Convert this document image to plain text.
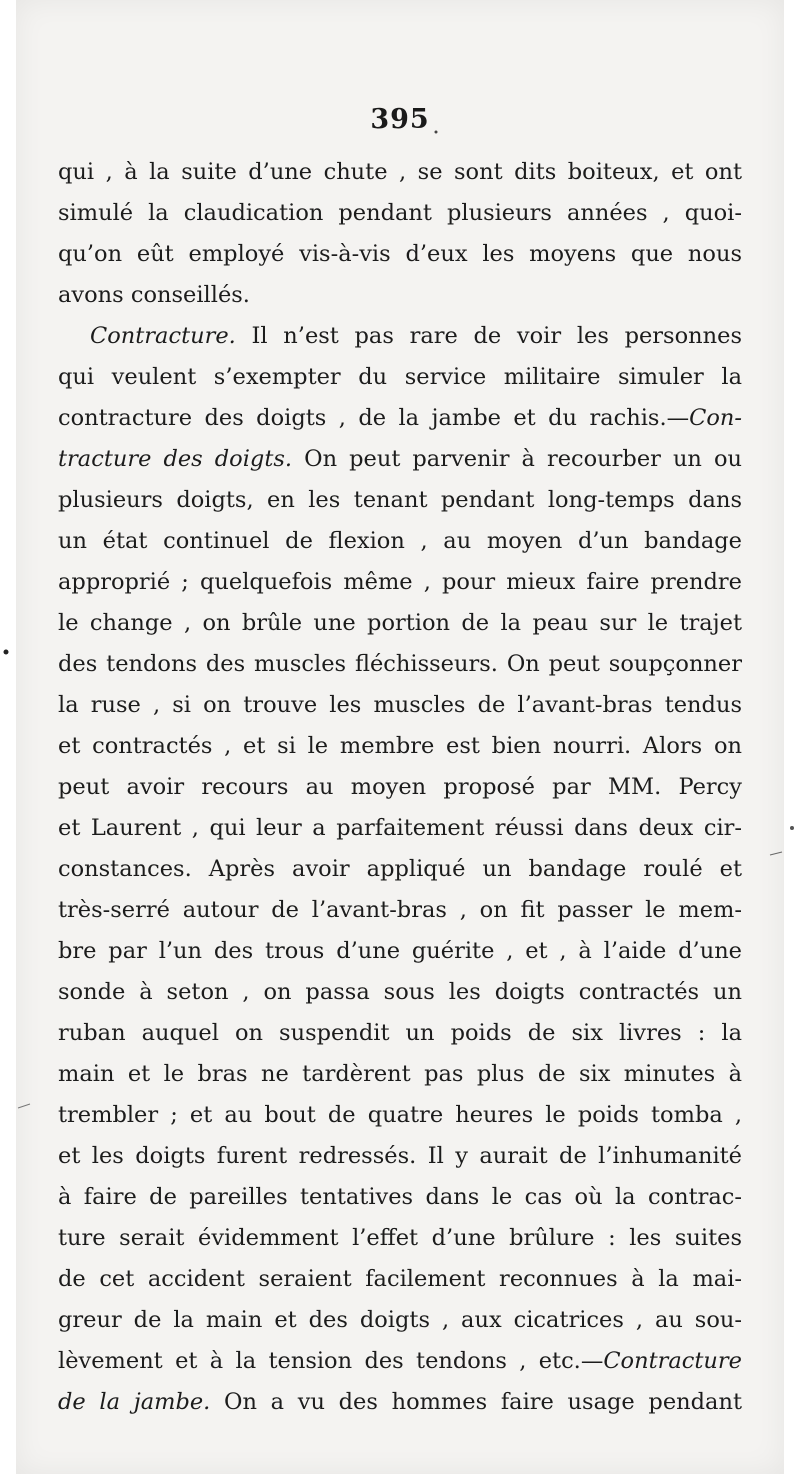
395
qui , à la suite d’une chute , se sont dits boiteux, et ont
simulé la claudication pendant plusieurs années , quoi-
qu’on eût employé vis-à-vis d’eux les moyens que nous
avons conseillés.
Contracture. Il n’est pas rare de voir les personnes
qui veulent s’exempter du service militaire simuler la
contracture des doigts , de la jambe et du rachis.—Con-
tracture des doigts. On peut parvenir à recourber un ou
plusieurs doigts, en les tenant pendant long-temps dans
un état continuel de flexion , au moyen d’un bandage
approprié ; quelquefois même , pour mieux faire prendre
le change , on brûle une portion de la peau sur le trajet
des tendons des muscles fléchisseurs. On peut soupçonner
la ruse , si on trouve les muscles de l’avant-bras tendus
et contractés , et si le membre est bien nourri. Alors on
peut avoir recours au moyen proposé par MM. Percy
et Laurent , qui leur a parfaitement réussi dans deux cir-
constances. Après avoir appliqué un bandage roulé et
très-serré autour de l’avant-bras , on fit passer le mem-
bre par l’un des trous d’une guérite , et , à l’aide d’une
sonde à seton , on passa sous les doigts contractés un
ruban auquel on suspendit un poids de six livres : la
main et le bras ne tardèrent pas plus de six minutes à
trembler ; et au bout de quatre heures le poids tomba ,
et les doigts furent redressés. Il y aurait de l’inhumanité
à faire de pareilles tentatives dans le cas où la contrac-
ture serait évidemment l’effet d’une brûlure : les suites
de cet accident seraient facilement reconnues à la mai-
greur de la main et des doigts , aux cicatrices , au sou-
lèvement et à la tension des tendons , etc.—Contracture
de la jambe. On a vu des hommes faire usage pendant
